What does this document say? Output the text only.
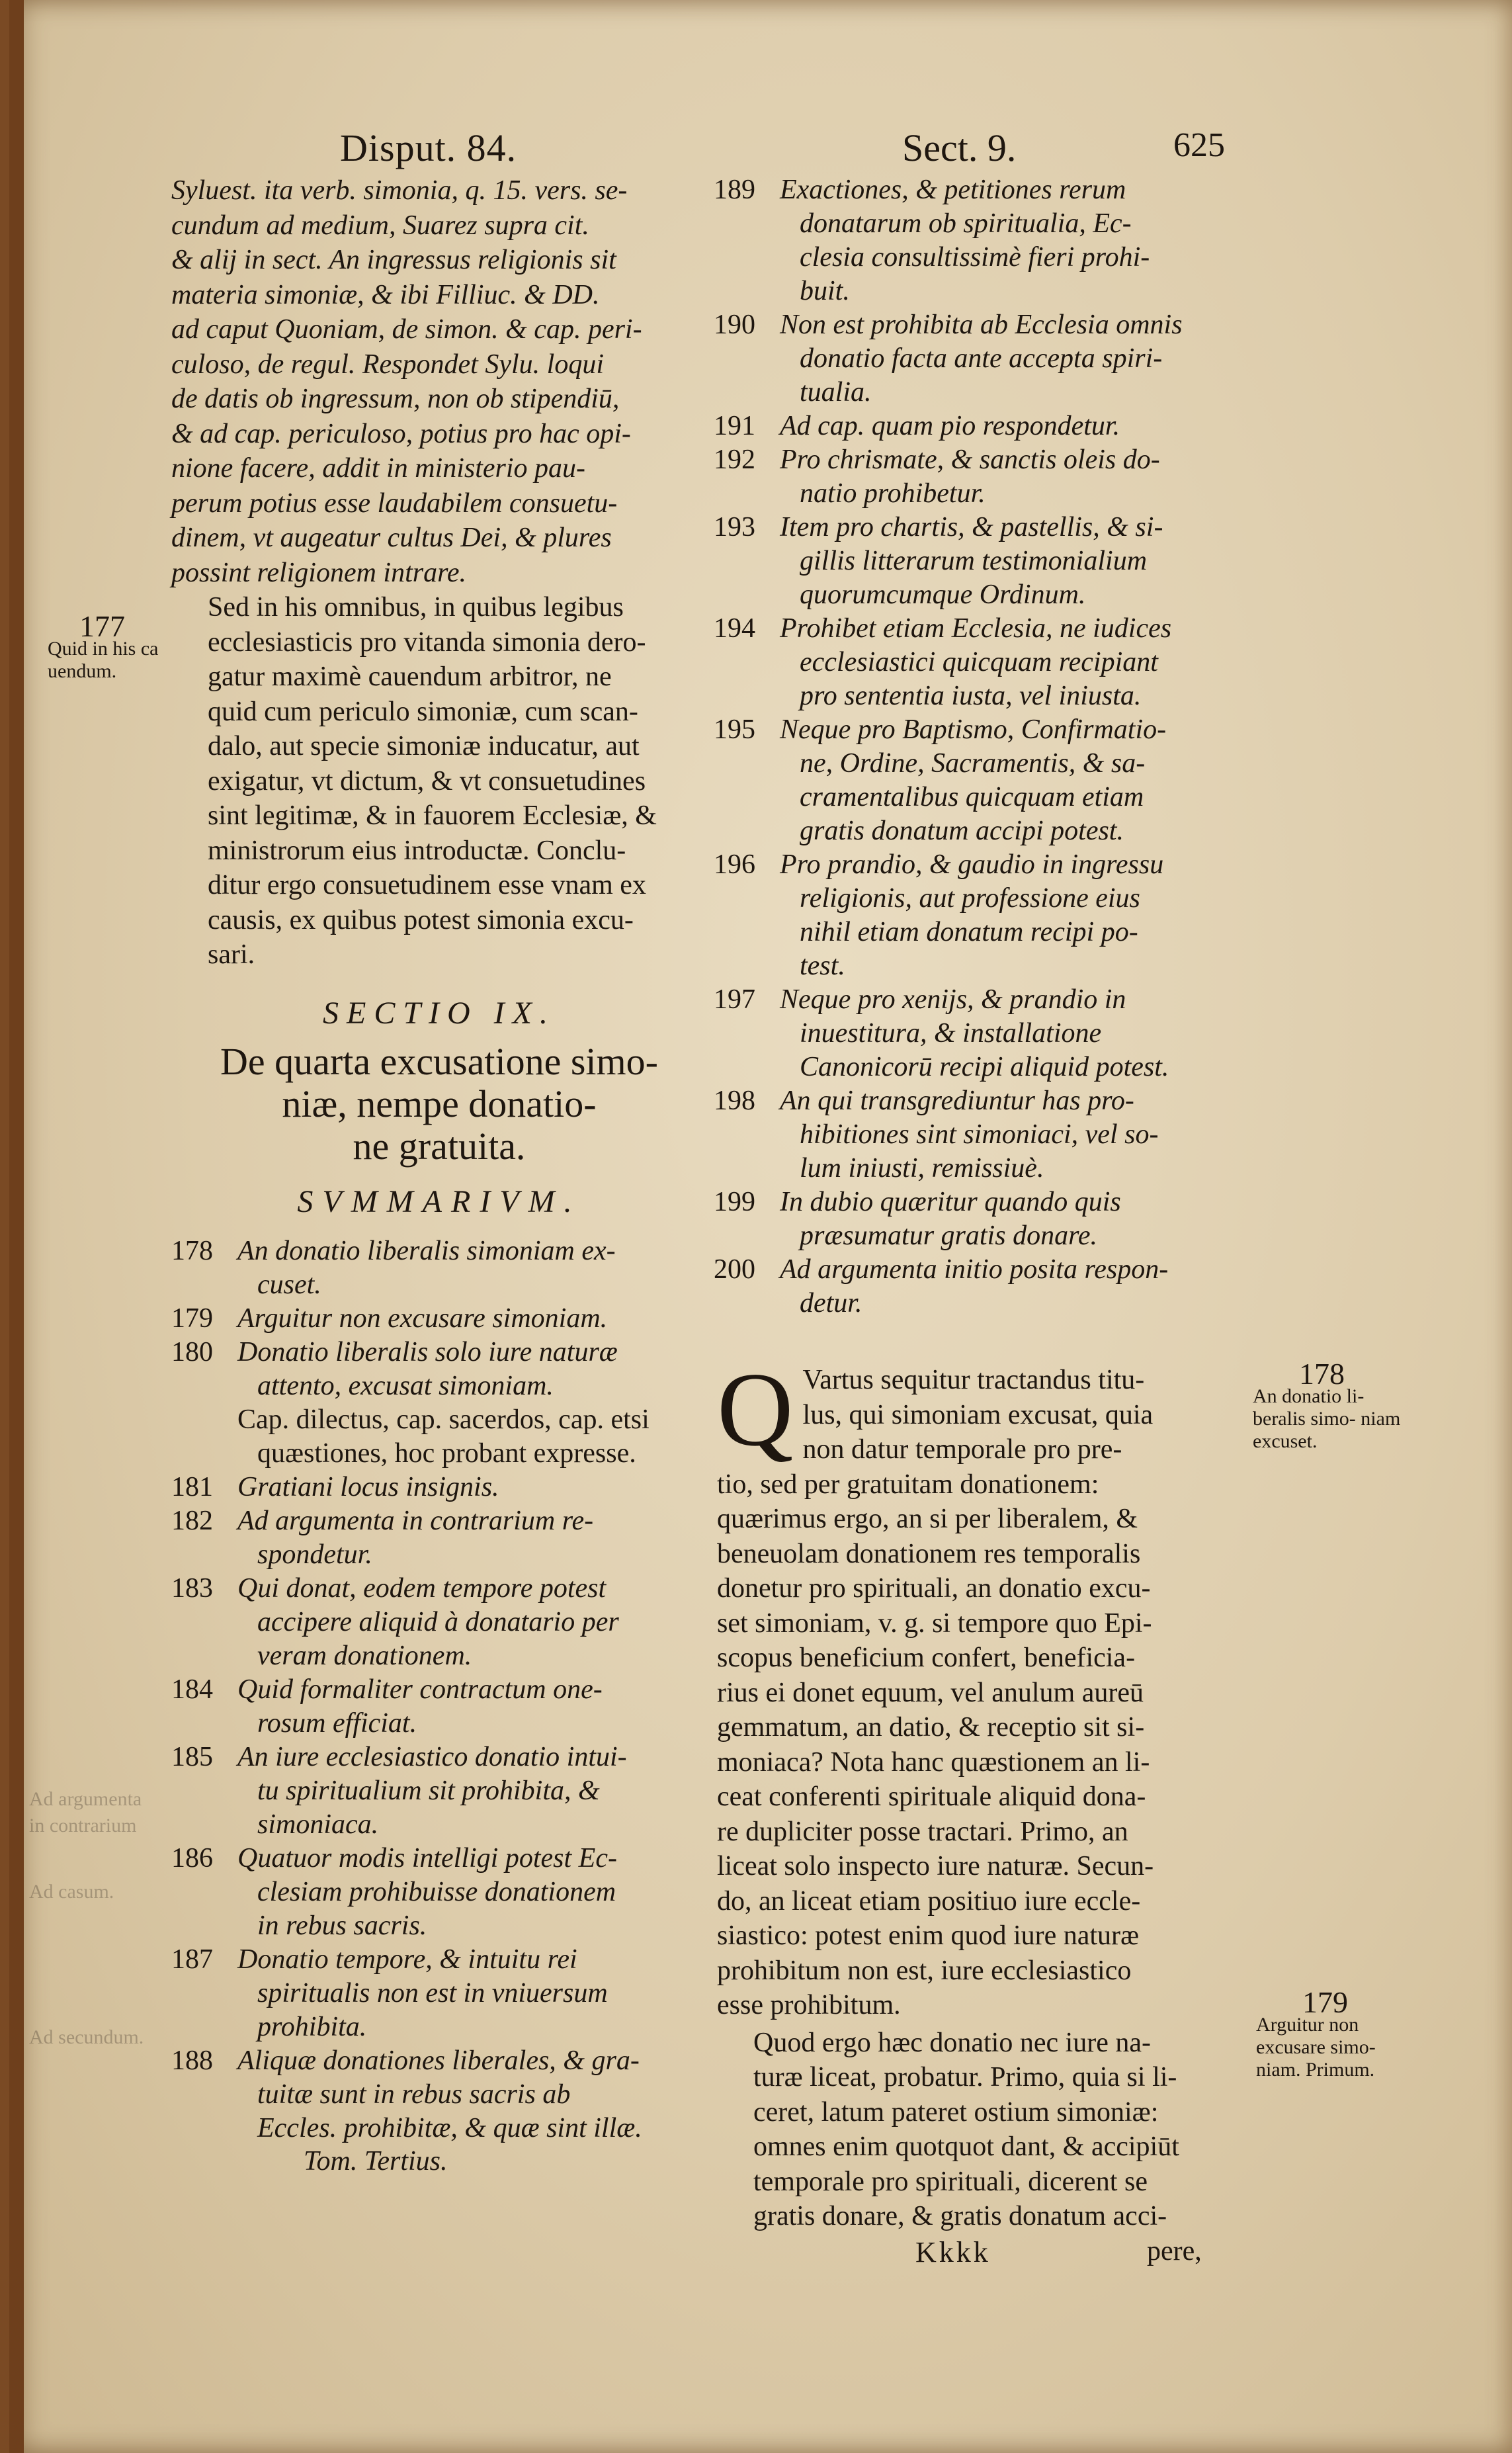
Disput. 84.	Sect. 9.	625
Ad argumenta
in contrarium
Ad casum.
Ad secundum.
Syluest. ita verb. simonia, q. 15. vers. se-
cundum ad medium, Suarez supra cit.
& alij in sect. An ingressus religionis sit
materia simoniæ, & ibi Filliuc. & DD.
ad caput Quoniam, de simon. & cap. peri-
culoso, de regul. Respondet Sylu. loqui
de datis ob ingressum, non ob stipendiū,
& ad cap. periculoso, potius pro hac opi-
nione facere, addit in ministerio pau-
perum potius esse laudabilem consuetu-
dinem, vt augeatur cultus Dei, & plures
possint religionem intrare.
Sed in his omnibus, in quibus legibus
ecclesiasticis pro vitanda simonia dero-
gatur maximè cauendum arbitror, ne
quid cum periculo simoniæ, cum scan-
dalo, aut specie simoniæ inducatur, aut
exigatur, vt dictum, & vt consuetudines
sint legitimæ, & in fauorem Ecclesiæ, &
ministrorum eius introductæ. Conclu-
ditur ergo consuetudinem esse vnam ex
causis, ex quibus potest simonia excu-
sari.
SECTIO IX.
De quarta excusatione simo-
niæ, nempe donatio-
ne gratuita.
SVMMARIVM.
178 An donatio liberalis simoniam ex-
cuset.
179 Arguitur non excusare simoniam.
180 Donatio liberalis solo iure naturæ
attento, excusat simoniam.
Cap. dilectus, cap. sacerdos, cap. etsi
quæstiones, hoc probant expresse.
181 Gratiani locus insignis.
182 Ad argumenta in contrarium re-
spondetur.
183 Qui donat, eodem tempore potest
accipere aliquid à donatario per
veram donationem.
184 Quid formaliter contractum one-
rosum efficiat.
185 An iure ecclesiastico donatio intui-
tu spiritualium sit prohibita, &
simoniaca.
186 Quatuor modis intelligi potest Ec-
clesiam prohibuisse donationem
in rebus sacris.
187 Donatio tempore, & intuitu rei
spiritualis non est in vniuersum
prohibita.
188 Aliquæ donationes liberales, & gra-
tuitæ sunt in rebus sacris ab
Eccles. prohibitæ, & quæ sint illæ.
Tom. Tertius.
189 Exactiones, & petitiones rerum
donatarum ob spiritualia, Ec-
clesia consultissimè fieri prohi-
buit.
190 Non est prohibita ab Ecclesia omnis
donatio facta ante accepta spiri-
tualia.
191 Ad cap. quam pio respondetur.
192 Pro chrismate, & sanctis oleis do-
natio prohibetur.
193 Item pro chartis, & pastellis, & si-
gillis litterarum testimonialium
quorumcumque Ordinum.
194 Prohibet etiam Ecclesia, ne iudices
ecclesiastici quicquam recipiant
pro sententia iusta, vel iniusta.
195 Neque pro Baptismo, Confirmatio-
ne, Ordine, Sacramentis, & sa-
cramentalibus quicquam etiam
gratis donatum accipi potest.
196 Pro prandio, & gaudio in ingressu
religionis, aut professione eius
nihil etiam donatum recipi po-
test.
197 Neque pro xenijs, & prandio in
inuestitura, & installatione
Canonicorū recipi aliquid potest.
198 An qui transgrediuntur has pro-
hibitiones sint simoniaci, vel so-
lum iniusti, remissiuè.
199 In dubio quæritur quando quis
præsumatur gratis donare.
200 Ad argumenta initio posita respon-
detur.
Q Vartus sequitur tractandus titu-
lus, qui simoniam excusat, quia
non datur temporale pro pre-
tio, sed per gratuitam donationem:
quærimus ergo, an si per liberalem, &
beneuolam donationem res temporalis
donetur pro spirituali, an donatio excu-
set simoniam, v. g. si tempore quo Epi-
scopus beneficium confert, beneficia-
rius ei donet equum, vel anulum aureū
gemmatum, an datio, & receptio sit si-
moniaca? Nota hanc quæstionem an li-
ceat conferenti spirituale aliquid dona-
re dupliciter posse tractari. Primo, an
liceat solo inspecto iure naturæ. Secun-
do, an liceat etiam positiuo iure eccle-
siastico: potest enim quod iure naturæ
prohibitum non est, iure ecclesiastico
esse prohibitum.
Quod ergo hæc donatio nec iure na-
turæ liceat, probatur. Primo, quia si li-
ceret, latum pateret ostium simoniæ:
omnes enim quotquot dant, & accipiūt
temporale pro spirituali, dicerent se
gratis donare, & gratis donatum acci-
Kkkk	pere,
177
Quid in his ca uendum.
178
An donatio li- beralis simo- niam excuset.
179
Arguitur non excusare simo- niam. Primum.
